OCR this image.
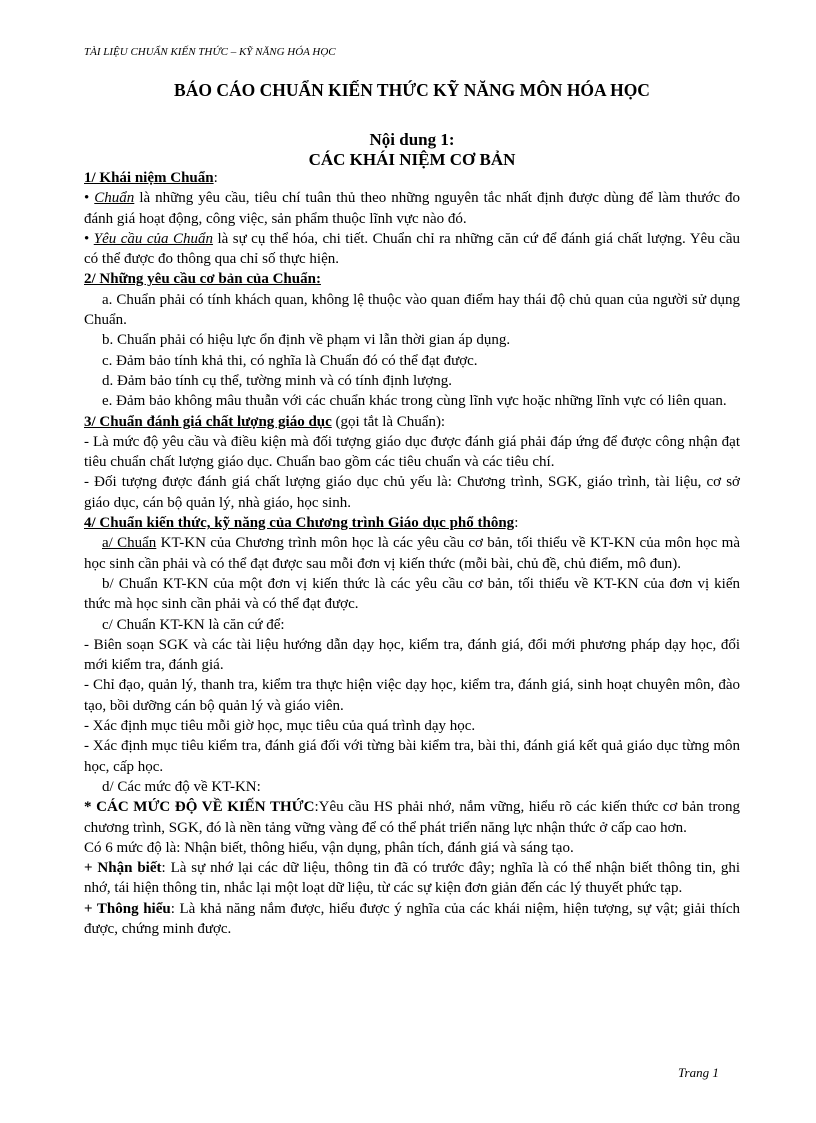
TÀI LIỆU CHUẨN KIẾN THỨC – KỸ NĂNG HÓA HỌC
BÁO CÁO CHUẨN KIẾN THỨC KỸ NĂNG MÔN HÓA HỌC
Nội dung 1:
CÁC KHÁI NIỆM CƠ BẢN

1/ Khái niệm Chuẩn:

• Chuẩn là những yêu cầu, tiêu chí tuân thủ theo những nguyên tắc nhất định được dùng để làm thước đo đánh giá hoạt động, công việc, sản phẩm thuộc lĩnh vực nào đó.

• Yêu cầu của Chuẩn là sự cụ thể hóa, chi tiết. Chuẩn chỉ ra những căn cứ để đánh giá chất lượng. Yêu cầu có thể được đo thông qua chỉ số thực hiện.

2/ Những yêu cầu cơ bản của Chuẩn:

a. Chuẩn phải có tính khách quan, không lệ thuộc vào quan điểm hay thái độ chủ quan của người sử dụng Chuẩn.

b. Chuẩn phải có hiệu lực ổn định về phạm vi lẫn thời gian áp dụng.

c. Đảm bảo tính khả thi, có nghĩa là Chuẩn đó có thể đạt được.

d. Đảm bảo tính cụ thể, tường minh và có tính định lượng.

e. Đảm bảo không mâu thuẫn với các chuẩn khác trong cùng lĩnh vực hoặc những lĩnh vực có liên quan.

3/ Chuẩn đánh giá chất lượng giáo dục (gọi tắt là Chuẩn):

- Là mức độ yêu cầu và điều kiện mà đối tượng giáo dục được đánh giá phải đáp ứng để được công nhận đạt tiêu chuẩn chất lượng giáo dục. Chuẩn bao gồm các tiêu chuẩn và các tiêu chí.

- Đối tượng được đánh giá chất lượng giáo dục chủ yếu là: Chương trình, SGK, giáo trình, tài liệu, cơ sở giáo dục, cán bộ quản lý, nhà giáo, học sinh.

4/ Chuẩn kiến thức, kỹ năng của Chương trình Giáo dục phổ thông:

a/ Chuẩn KT-KN của Chương trình môn học là các yêu cầu cơ bản, tối thiểu về KT-KN của môn học mà học sinh cần phải và có thể đạt được sau mỗi đơn vị kiến thức (mỗi bài, chủ đề, chủ điểm, mô đun).

b/ Chuẩn KT-KN của một đơn vị kiến thức là các yêu cầu cơ bản, tối thiểu về KT-KN của đơn vị kiến thức mà học sinh cần phải và có thể đạt được.

c/ Chuẩn KT-KN là căn cứ để:

- Biên soạn SGK và các tài liệu hướng dẫn dạy học, kiểm tra, đánh giá, đổi mới phương pháp dạy học, đổi mới kiểm tra, đánh giá.

- Chỉ đạo, quản lý, thanh tra, kiểm tra thực hiện việc dạy học, kiểm tra, đánh giá, sinh hoạt chuyên môn, đào tạo, bồi dưỡng cán bộ quản lý và giáo viên.

- Xác định mục tiêu mỗi giờ học, mục tiêu của quá trình dạy học.

- Xác định mục tiêu kiểm tra, đánh giá đối với từng bài kiểm tra, bài thi, đánh giá kết quả giáo dục từng môn học, cấp học.

d/ Các mức độ về KT-KN:

* CÁC MỨC ĐỘ VỀ KIẾN THỨC:Yêu cầu HS phải nhớ, nắm vững, hiểu rõ các kiến thức cơ bản trong chương trình, SGK, đó là nền tảng vững vàng để có thể phát triển năng lực nhận thức ở cấp cao hơn.

Có 6 mức độ là: Nhận biết, thông hiểu, vận dụng, phân tích, đánh giá và sáng tạo.

+ Nhận biết: Là sự nhớ lại các dữ liệu, thông tin đã có trước đây; nghĩa là có thể nhận biết thông tin, ghi nhớ, tái hiện thông tin, nhắc lại một loạt dữ liệu, từ các sự kiện đơn giản đến các lý thuyết phức tạp.

+ Thông hiểu: Là khả năng nắm được, hiểu được ý nghĩa của các khái niệm, hiện tượng, sự vật; giải thích được, chứng minh được.

Trang 1
